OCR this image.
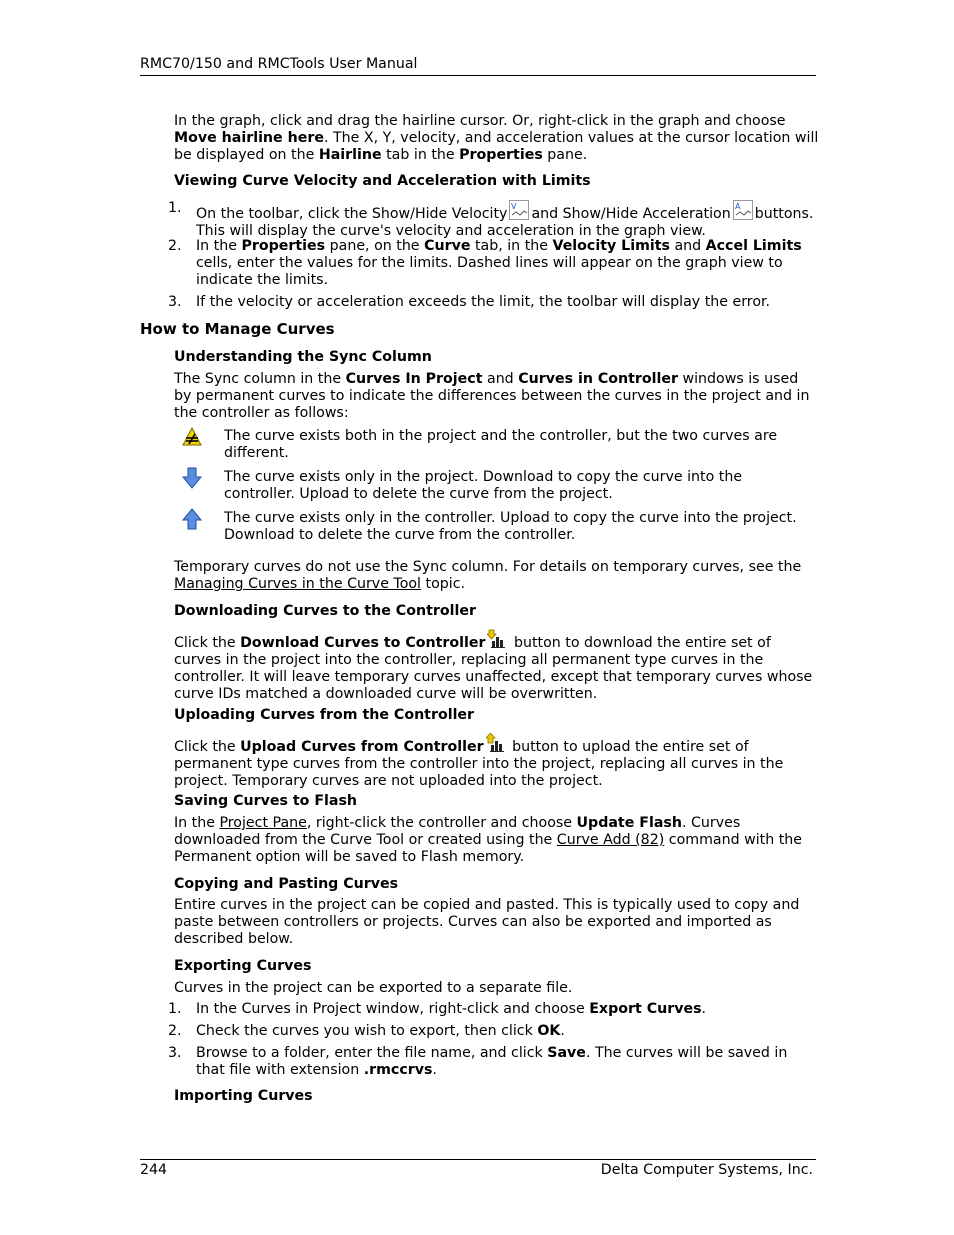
RMC70/150 and RMCTools User Manual
In the graph, click and drag the hairline cursor. Or, right-click in the graph and choose Move hairline here. The X, Y, velocity, and acceleration values at the cursor location will be displayed on the Hairline tab in the Properties pane.
Viewing Curve Velocity and Acceleration with Limits
1. On the toolbar, click the Show/Hide Velocity V and Show/Hide Acceleration A buttons. This will display the curve's velocity and acceleration in the graph view.
2. In the Properties pane, on the Curve tab, in the Velocity Limits and Accel Limits cells, enter the values for the limits. Dashed lines will appear on the graph view to indicate the limits.
3. If the velocity or acceleration exceeds the limit, the toolbar will display the error.
How to Manage Curves
Understanding the Sync Column
The Sync column in the Curves In Project and Curves in Controller windows is used by permanent curves to indicate the differences between the curves in the project and in the controller as follows:
The curve exists both in the project and the controller, but the two curves are different.
The curve exists only in the project. Download to copy the curve into the controller. Upload to delete the curve from the project.
The curve exists only in the controller. Upload to copy the curve into the project. Download to delete the curve from the controller.
Temporary curves do not use the Sync column. For details on temporary curves, see the Managing Curves in the Curve Tool topic.
Downloading Curves to the Controller
Click the Download Curves to Controller button to download the entire set of curves in the project into the controller, replacing all permanent type curves in the controller. It will leave temporary curves unaffected, except that temporary curves whose curve IDs matched a downloaded curve will be overwritten.
Uploading Curves from the Controller
Click the Upload Curves from Controller button to upload the entire set of permanent type curves from the controller into the project, replacing all curves in the project. Temporary curves are not uploaded into the project.
Saving Curves to Flash
In the Project Pane, right-click the controller and choose Update Flash. Curves downloaded from the Curve Tool or created using the Curve Add (82) command with the Permanent option will be saved to Flash memory.
Copying and Pasting Curves
Entire curves in the project can be copied and pasted. This is typically used to copy and paste between controllers or projects. Curves can also be exported and imported as described below.
Exporting Curves
Curves in the project can be exported to a separate file.
1. In the Curves in Project window, right-click and choose Export Curves.
2. Check the curves you wish to export, then click OK.
3. Browse to a folder, enter the file name, and click Save. The curves will be saved in that file with extension .rmccrvs.
Importing Curves
244	Delta Computer Systems, Inc.
